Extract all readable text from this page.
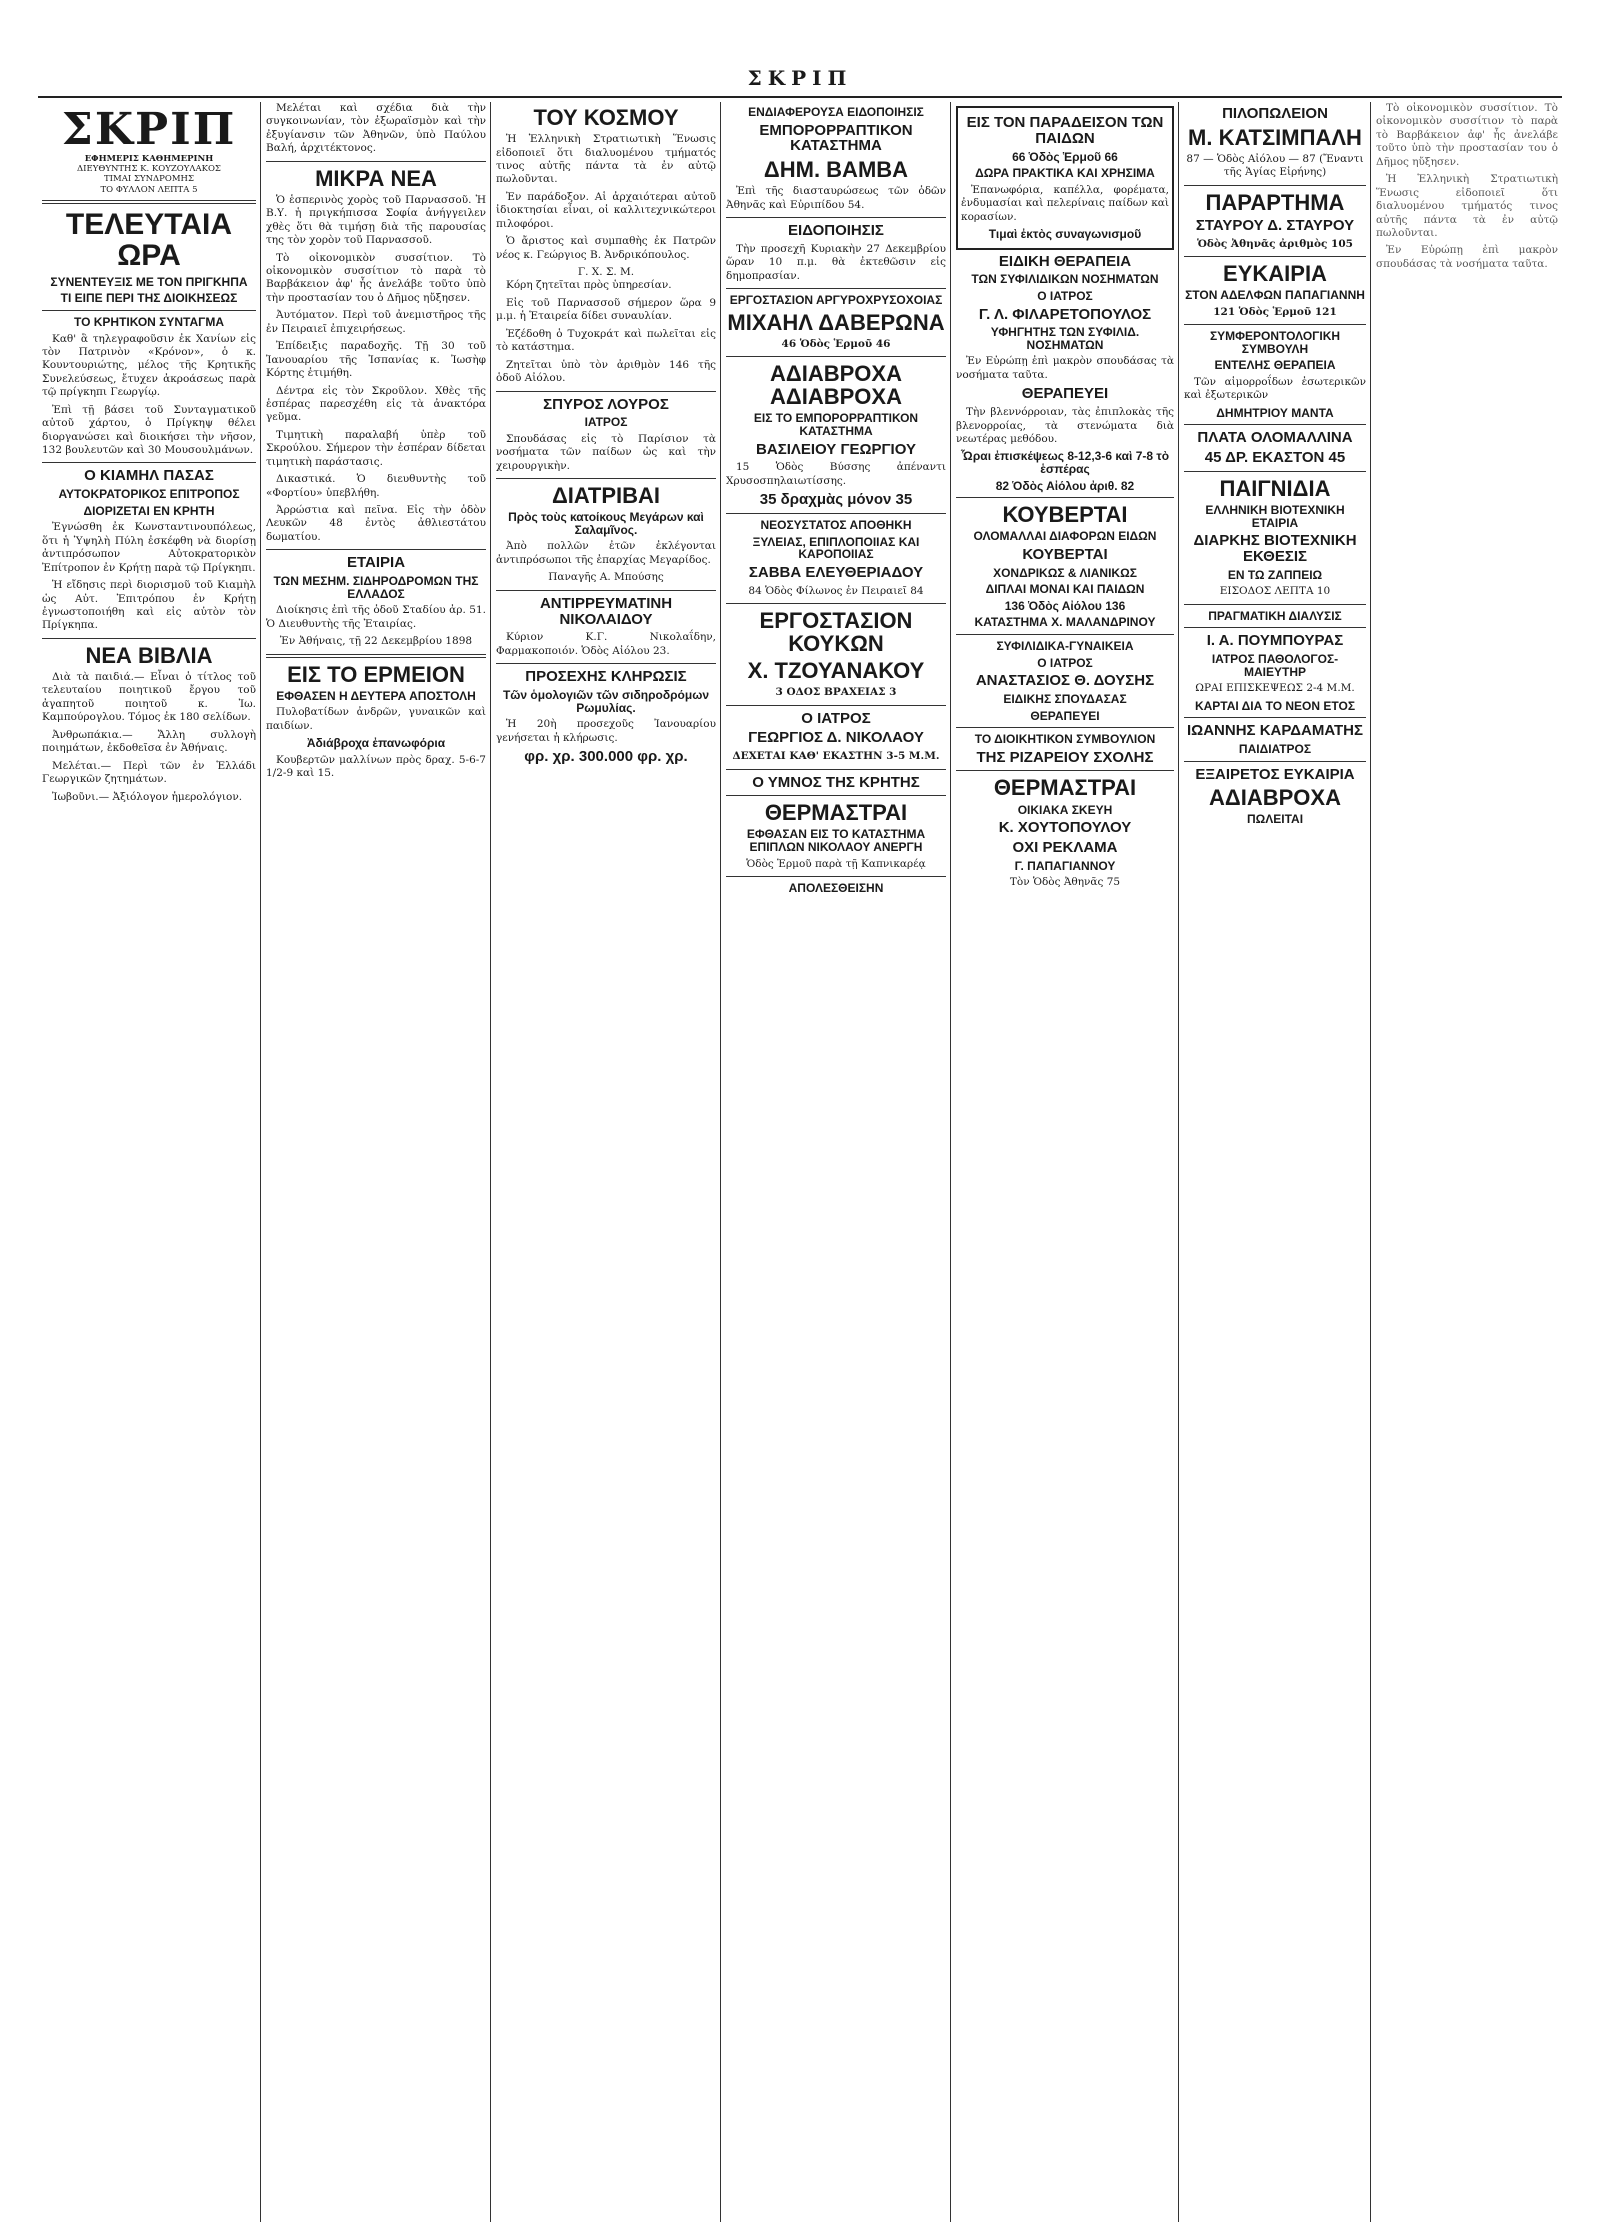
ΣΚΡΙΠ
ΣΚΡΙΠ
ΕΦΗΜΕΡΙΣ ΚΑΘΗΜΕΡΙΝΗ
ΔΙΕΥΘΥΝΤΗΣ Κ. ΚΟΥΖΟΥΛΑΚΟΣ
ΤΙΜΑΙ ΣΥΝΔΡΟΜΗΣ
ΤΟ ΦΥΛΛΟΝ ΛΕΠΤΑ 5
ΤΕΛΕΥΤΑΙΑ ΩΡΑ
ΣΥΝΕΝΤΕΥΞΙΣ ΜΕ ΤΟΝ ΠΡΙΓΚΗΠΑ
ΤΙ ΕΙΠΕ ΠΕΡΙ ΤΗΣ ΔΙΟΙΚΗΣΕΩΣ
ΤΟ ΚΡΗΤΙΚΟΝ ΣΥΝΤΑΓΜΑ

Καθ' ἃ τηλεγραφοῦσιν ἐκ Χανίων εἰς τὸν Πατρινὸν «Κρόνον», ὁ κ. Κουντουριώτης, μέλος τῆς Κρητικῆς Συνελεύσεως, ἔτυχεν ἀκροάσεως παρὰ τῷ πρίγκηπι Γεωργίῳ.

Ἐπὶ τῇ βάσει τοῦ Συνταγματικοῦ αὐτοῦ χάρτου, ὁ Πρίγκηψ θέλει διοργανώσει καὶ διοικήσει τὴν νῆσον, 132 βουλευτῶν καὶ 30 Μουσουλμάνων.

Ο ΚΙΑΜΗΛ ΠΑΣΑΣ
ΑΥΤΟΚΡΑΤΟΡΙΚΟΣ ΕΠΙΤΡΟΠΟΣ
ΔΙΟΡΙΖΕΤΑΙ ΕΝ ΚΡΗΤΗ

Ἐγνώσθη ἐκ Κωνσταντινουπόλεως, ὅτι ἡ Ὑψηλὴ Πύλη ἐσκέφθη νὰ διορίσῃ ἀντιπρόσωπον Αὐτοκρατορικὸν Ἐπίτροπον ἐν Κρήτῃ παρὰ τῷ Πρίγκηπι.

Ἡ εἴδησις περὶ διορισμοῦ τοῦ Κιαμὴλ ὡς Αὐτ. Ἐπιτρόπου ἐν Κρήτῃ ἐγνωστοποιήθη καὶ εἰς αὐτὸν τὸν Πρίγκηπα.

ΝΕΑ ΒΙΒΛΙΑ

Διὰ τὰ παιδιά.— Εἶναι ὁ τίτλος τοῦ τελευταίου ποιητικοῦ ἔργου τοῦ ἀγαπητοῦ ποιητοῦ κ. Ἰω. Καμπούρογλου. Τόμος ἐκ 180 σελίδων.

Ἀνθρωπάκια.— Ἄλλη συλλογὴ ποιημάτων, ἐκδοθεῖσα ἐν Ἀθήναις.

Μελέται.— Περὶ τῶν ἐν Ἑλλάδι Γεωργικῶν ζητημάτων.

Ἰωβοῦνι.— Ἀξιόλογον ἡμερολόγιον.

Μελέται καὶ σχέδια διὰ τὴν συγκοινωνίαν, τὸν ἐξωραϊσμὸν καὶ τὴν ἐξυγίανσιν τῶν Ἀθηνῶν, ὑπὸ Παύλου Βαλή, ἀρχιτέκτονος.

ΜΙΚΡΑ ΝΕΑ

Ὁ ἑσπερινὸς χορὸς τοῦ Παρνασσοῦ. Ἡ Β.Υ. ἡ πριγκήπισσα Σοφία ἀνήγγειλεν χθὲς ὅτι θὰ τιμήσῃ διὰ τῆς παρουσίας της τὸν χορὸν τοῦ Παρνασσοῦ.

Τὸ οἰκονομικὸν συσσίτιον. Τὸ οἰκονομικὸν συσσίτιον τὸ παρὰ τὸ Βαρβάκειον ἀφ' ἧς ἀνελάβε τοῦτο ὑπὸ τὴν προστασίαν του ὁ Δῆμος ηὔξησεν.

Ἀυτόματον. Περὶ τοῦ ἀνεμιστῆρος τῆς ἐν Πειραιεῖ ἐπιχειρήσεως.

Ἐπίδειξις παραδοχῆς. Τῇ 30 τοῦ Ἰανουαρίου τῆς Ἰσπανίας κ. Ἰωσὴφ Κόρτης ἐτιμήθη.

Δέντρα εἰς τὸν Σκροῦλον. Χθὲς τῆς ἑσπέρας παρεσχέθη εἰς τὰ ἀνακτόρα γεῦμα.

Τιμητικὴ παραλαβή ὑπὲρ τοῦ Σκρούλου. Σήμερον τὴν ἑσπέραν δίδεται τιμητικὴ παράστασις.

Δικαστικά. Ὁ διευθυντὴς τοῦ «Φορτίου» ὑπεβλήθη.

Ἀρρώστια καὶ πεῖνα. Εἰς τὴν ὁδὸν Λευκῶν 48 ἐντὸς ἀθλιεστάτου δωματίου.

ΕΤΑΙΡΙΑ
ΤΩΝ ΜΕΣΗΜ. ΣΙΔΗΡΟΔΡΟΜΩΝ ΤΗΣ ΕΛΛΑΔΟΣ

Διοίκησις ἐπὶ τῆς ὁδοῦ Σταδίου ἀρ. 51. Ὁ Διευθυντὴς τῆς Ἐταιρίας.

Ἐν Ἀθήναις, τῇ 22 Δεκεμβρίου 1898
ΕΙΣ ΤΟ ΕΡΜΕΙΟΝ
ΕΦΘΑΣΕΝ Η ΔΕΥΤΕΡΑ ΑΠΟΣΤΟΛΗ

Πυλοβατίδων ἀνδρῶν, γυναικῶν καὶ παιδίων.

Ἀδιάβροχα ἐπανωφόρια

Κουβερτῶν μαλλίνων πρὸς δραχ. 5-6-7 1/2-9 καὶ 15.

ΤΟΥ ΚΟΣΜΟΥ

Ἡ Ἑλληνικὴ Στρατιωτικὴ Ἕνωσις εἰδοποιεῖ ὅτι διαλυομένου τμήματός τινος αὐτῆς πάντα τὰ ἐν αὐτῷ πωλοῦνται.

Ἐν παράδοξον. Αἱ ἀρχαιότεραι αὐτοῦ ἰδιοκτησίαι εἶναι, οἱ καλλιτεχνικώτεροι πιλοφόροι.

Ὁ ἄριστος καὶ συμπαθὴς ἐκ Πατρῶν νέος κ. Γεώργιος Β. Ἀνδρικόπουλος.

Γ. Χ. Σ. Μ.

Κόρη ζητεῖται πρὸς ὑπηρεσίαν.

Εἰς τοῦ Παρνασσοῦ σήμερον ὥρα 9 μ.μ. ἡ Ἑταιρεία δίδει συναυλίαν.

Ἐζέδοθη ὁ Τυχοκράτ καὶ πωλεῖται εἰς τὸ κατάστημα.

Ζητεῖται ὑπὸ τὸν ἀριθμὸν 146 τῆς ὁδοῦ Αἰόλου.

ΣΠΥΡΟΣ ΛΟΥΡΟΣ
ΙΑΤΡΟΣ

Σπουδάσας εἰς τὸ Παρίσιον τὰ νοσήματα τῶν παίδων ὡς καὶ τὴν χειρουργικὴν.

ΔΙΑΤΡΙΒΑΙ
Πρὸς τοὺς κατοίκους Μεγάρων καὶ Σαλαμῖνος.

Ἀπὸ πολλῶν ἐτῶν ἐκλέγονται ἀντιπρόσωποι τῆς ἐπαρχίας Μεγαρίδος.

Παναγῆς Α. Μπούσης
ΑΝΤΙΡΡΕΥΜΑΤΙΝΗ ΝΙΚΟΛΑΙΔΟΥ

Κύριον Κ.Γ. Νικολαΐδην, Φαρμακοποιόν. Ὁδὸς Αἰόλου 23.

ΠΡΟΣΕΧΗΣ ΚΛΗΡΩΣΙΣ
Τῶν ὁμολογιῶν τῶν σιδηροδρόμων Ρωμυλίας.

Ἡ 20ὴ προσεχοῦς Ἰανουαρίου γενήσεται ἡ κλήρωσις.

φρ. χρ. 300.000 φρ. χρ.
ΕΝΔΙΑΦΕΡΟΥΣΑ ΕΙΔΟΠΟΙΗΣΙΣ
ΕΜΠΟΡΟΡΡΑΠΤΙΚΟΝ ΚΑΤΑΣΤΗΜΑ
ΔΗΜ. ΒΑΜΒΑ

Ἐπὶ τῆς διασταυρώσεως τῶν ὁδῶν Ἀθηνᾶς καὶ Εὐριπίδου 54.

ΕΙΔΟΠΟΙΗΣΙΣ

Τὴν προσεχῆ Κυριακὴν 27 Δεκεμβρίου ὥραν 10 π.μ. θὰ ἐκτεθῶσιν εἰς δημοπρασίαν.

ΕΡΓΟΣΤΑΣΙΟΝ ΑΡΓΥΡΟΧΡΥΣΟΧΟΙΑΣ
ΜΙΧΑΗΛ ΔΑΒΕΡΩΝΑ
46 Ὁδὸς Ἑρμοῦ 46
ΑΔΙΑΒΡΟΧΑ ΑΔΙΑΒΡΟΧΑ
ΕΙΣ ΤΟ ΕΜΠΟΡΟΡΡΑΠΤΙΚΟΝ ΚΑΤΑΣΤΗΜΑ
ΒΑΣΙΛΕΙΟΥ ΓΕΩΡΓΙΟΥ

15 Ὁδὸς Βύσσης ἀπέναντι Χρυσοσπηλαιωτίσσης.

35 δραχμὰς μόνον 35
ΝΕΟΣΥΣΤΑΤΟΣ ΑΠΟΘΗΚΗ
ΞΥΛΕΙΑΣ, ΕΠΙΠΛΟΠΟΙΙΑΣ ΚΑΙ ΚΑΡΟΠΟΙΙΑΣ
ΣΑΒΒΑ ΕΛΕΥΘΕΡΙΑΔΟΥ
84 Ὁδὸς Φίλωνος ἐν Πειραιεῖ 84
ΕΡΓΟΣΤΑΣΙΟΝ ΚΟΥΚΩΝ
Χ. ΤΖΟΥΑΝΑΚΟΥ
3 ΟΔΟΣ ΒΡΑΧΕΙΑΣ 3
Ο ΙΑΤΡΟΣ
ΓΕΩΡΓΙΟΣ Δ. ΝΙΚΟΛΑΟΥ
ΔΕΧΕΤΑΙ ΚΑΘ' ΕΚΑΣΤΗΝ 3-5 Μ.Μ.
Ο ΥΜΝΟΣ ΤΗΣ ΚΡΗΤΗΣ
ΘΕΡΜΑΣΤΡΑΙ
ΕΦΘΑΣΑΝ ΕΙΣ ΤΟ ΚΑΤΑΣΤΗΜΑ ΕΠΙΠΛΩΝ ΝΙΚΟΛΑΟΥ ΑΝΕΡΓΗ
Ὁδὸς Ἑρμοῦ παρὰ τῇ Καπνικαρέᾳ
ΑΠΟΛΕΣΘΕΙΣΗΝ
ΕΙΣ ΤΟΝ ΠΑΡΑΔΕΙΣΟΝ ΤΩΝ ΠΑΙΔΩΝ
66 Ὁδὸς Ἑρμοῦ 66
ΔΩΡΑ ΠΡΑΚΤΙΚΑ ΚΑΙ ΧΡΗΣΙΜΑ

Ἐπανωφόρια, καπέλλα, φορέματα, ἐνδυμασίαι καὶ πελερίναις παίδων καὶ κορασίων.

Τιμαὶ ἐκτὸς συναγωνισμοῦ
ΕΙΔΙΚΗ ΘΕΡΑΠΕΙΑ
ΤΩΝ ΣΥΦΙΛΙΔΙΚΩΝ ΝΟΣΗΜΑΤΩΝ
Ο ΙΑΤΡΟΣ
Γ. Λ. ΦΙΛΑΡΕΤΟΠΟΥΛΟΣ
ΥΦΗΓΗΤΗΣ ΤΩΝ ΣΥΦΙΛΙΔ. ΝΟΣΗΜΑΤΩΝ

Ἐν Εὐρώπῃ ἐπὶ μακρὸν σπουδάσας τὰ νοσήματα ταῦτα.

ΘΕΡΑΠΕΥΕΙ

Τὴν βλεννόρροιαν, τὰς ἐπιπλοκὰς τῆς βλενορροίας, τὰ στενώματα διὰ νεωτέρας μεθόδου.

Ὧραι ἐπισκέψεως 8-12,3-6 καὶ 7-8 τὸ ἑσπέρας
82 Ὁδὸς Αἰόλου ἀριθ. 82
ΚΟΥΒΕΡΤΑΙ
ΟΛΟΜΑΛΛΑΙ ΔΙΑΦΟΡΩΝ ΕΙΔΩΝ
ΚΟΥΒΕΡΤΑΙ
ΧΟΝΔΡΙΚΩΣ & ΛΙΑΝΙΚΩΣ
ΔΙΠΛΑΙ ΜΟΝΑΙ ΚΑΙ ΠΑΙΔΩΝ
136 Ὁδὸς Αἰόλου 136
ΚΑΤΑΣΤΗΜΑ Χ. ΜΑΛΑΝΔΡΙΝΟΥ
ΣΥΦΙΛΙΔΙΚΑ-ΓΥΝΑΙΚΕΙΑ
Ο ΙΑΤΡΟΣ
ΑΝΑΣΤΑΣΙΟΣ Θ. ΔΟΥΣΗΣ
ΕΙΔΙΚΗΣ ΣΠΟΥΔΑΣΑΣ
ΘΕΡΑΠΕΥΕΙ
ΤΟ ΔΙΟΙΚΗΤΙΚΟΝ ΣΥΜΒΟΥΛΙΟΝ
ΤΗΣ ΡΙΖΑΡΕΙΟΥ ΣΧΟΛΗΣ
ΘΕΡΜΑΣΤΡΑΙ
ΟΙΚΙΑΚΑ ΣΚΕΥΗ
Κ. ΧΟΥΤΟΠΟΥΛΟΥ
ΟΧΙ ΡΕΚΛΑΜΑ
Γ. ΠΑΠΑΓΙΑΝΝΟΥ
Τὸν Ὁδὸς Ἀθηνᾶς 75
ΠΙΛΟΠΩΛΕΙΟΝ
Μ. ΚΑΤΣΙΜΠΑΛΗ
87 — Ὁδὸς Αἰόλου — 87 (Ἔναντι τῆς Ἁγίας Εἰρήνης)
ΠΑΡΑΡΤΗΜΑ
ΣΤΑΥΡΟΥ Δ. ΣΤΑΥΡΟΥ
Ὁδὸς Ἀθηνᾶς ἀριθμὸς 105
ΕΥΚΑΙΡΙΑ
ΣΤΟΝ ΑΔΕΛΦΩΝ ΠΑΠΑΓΙΑΝΝΗ
121 Ὁδὸς Ἑρμοῦ 121
ΣΥΜΦΕΡΟΝΤΟΛΟΓΙΚΗ ΣΥΜΒΟΥΛΗ
ΕΝΤΕΛΗΣ ΘΕΡΑΠΕΙΑ

Τῶν αἱμορροΐδων ἐσωτερικῶν καὶ ἐξωτερικῶν

ΔΗΜΗΤΡΙΟΥ ΜΑΝΤΑ
ΠΛΑΤΑ ΟΛΟΜΑΛΛΙΝΑ
45 ΔΡ. ΕΚΑΣΤΟΝ 45
ΠΑΙΓΝΙΔΙΑ
ΕΛΛΗΝΙΚΗ ΒΙΟΤΕΧΝΙΚΗ ΕΤΑΙΡΙΑ
ΔΙΑΡΚΗΣ ΒΙΟΤΕΧΝΙΚΗ ΕΚΘΕΣΙΣ
ΕΝ ΤΩ ΖΑΠΠΕΙΩ
ΕΙΣΟΔΟΣ ΛΕΠΤΑ 10
ΠΡΑΓΜΑΤΙΚΗ ΔΙΑΛΥΣΙΣ
Ι. Α. ΠΟΥΜΠΟΥΡΑΣ
ΙΑΤΡΟΣ ΠΑΘΟΛΟΓΟΣ-ΜΑΙΕΥΤΗΡ
ΩΡΑΙ ΕΠΙΣΚΕΨΕΩΣ 2-4 Μ.Μ.
ΚΑΡΤΑΙ ΔΙΑ ΤΟ ΝΕΟΝ ΕΤΟΣ
ΙΩΑΝΝΗΣ ΚΑΡΔΑΜΑΤΗΣ
ΠΑΙΔΙΑΤΡΟΣ
ΕΞΑΙΡΕΤΟΣ ΕΥΚΑΙΡΙΑ
ΑΔΙΑΒΡΟΧΑ
ΠΩΛΕΙΤΑΙ

Τὸ οἰκονομικὸν συσσίτιον. Τὸ οἰκονομικὸν συσσίτιον τὸ παρὰ τὸ Βαρβάκειον ἀφ' ἧς ἀνελάβε τοῦτο ὑπὸ τὴν προστασίαν του ὁ Δῆμος ηὔξησεν.

Ἡ Ἑλληνικὴ Στρατιωτικὴ Ἕνωσις εἰδοποιεῖ ὅτι διαλυομένου τμήματός τινος αὐτῆς πάντα τὰ ἐν αὐτῷ πωλοῦνται.

Ἐν Εὐρώπῃ ἐπὶ μακρὸν σπουδάσας τὰ νοσήματα ταῦτα.
